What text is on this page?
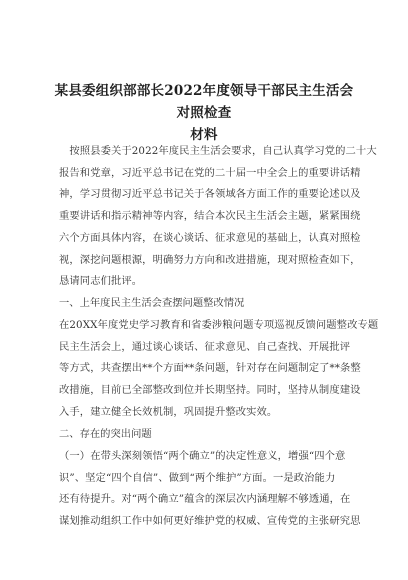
某县委组织部部长2022年度领导干部民主生活会对照检查
材料
　按照县委关于2022年度民主生活会要求，自己认真学习党的二十大
报告和党章，习近平总书记在党的二十届一中全会上的重要讲话精
神，学习贯彻习近平总书记关于各领域各方面工作的重要论述以及
重要讲话和指示精神等内容，结合本次民主生活会主题，紧紧围绕
六个方面具体内容，在谈心谈话、征求意见的基础上，认真对照检
视，深挖问题根源，明确努力方向和改进措施，现对照检查如下，
恳请同志们批评。
一、上年度民主生活会查摆问题整改情况
在20XX年度党史学习教育和省委涉粮问题专项巡视反馈问题整改专题
民主生活会上，通过谈心谈话、征求意见、自己查找、开展批评
等方式，共查摆出**个方面**条问题，针对存在问题制定了**条整
改措施，目前已全部整改到位并长期坚持。同时，坚持从制度建设
入手，建立健全长效机制，巩固提升整改实效。
二、存在的突出问题
（一）在带头深刻领悟“两个确立”的决定性意义，增强“四个意
识”、坚定“四个自信”、做到“两个维护”方面。一是政治能力
还有待提升。对“两个确立”蕴含的深层次内涵理解不够透通，在
谋划推动组织工作中如何更好维护党的权威、宣传党的主张研究思
